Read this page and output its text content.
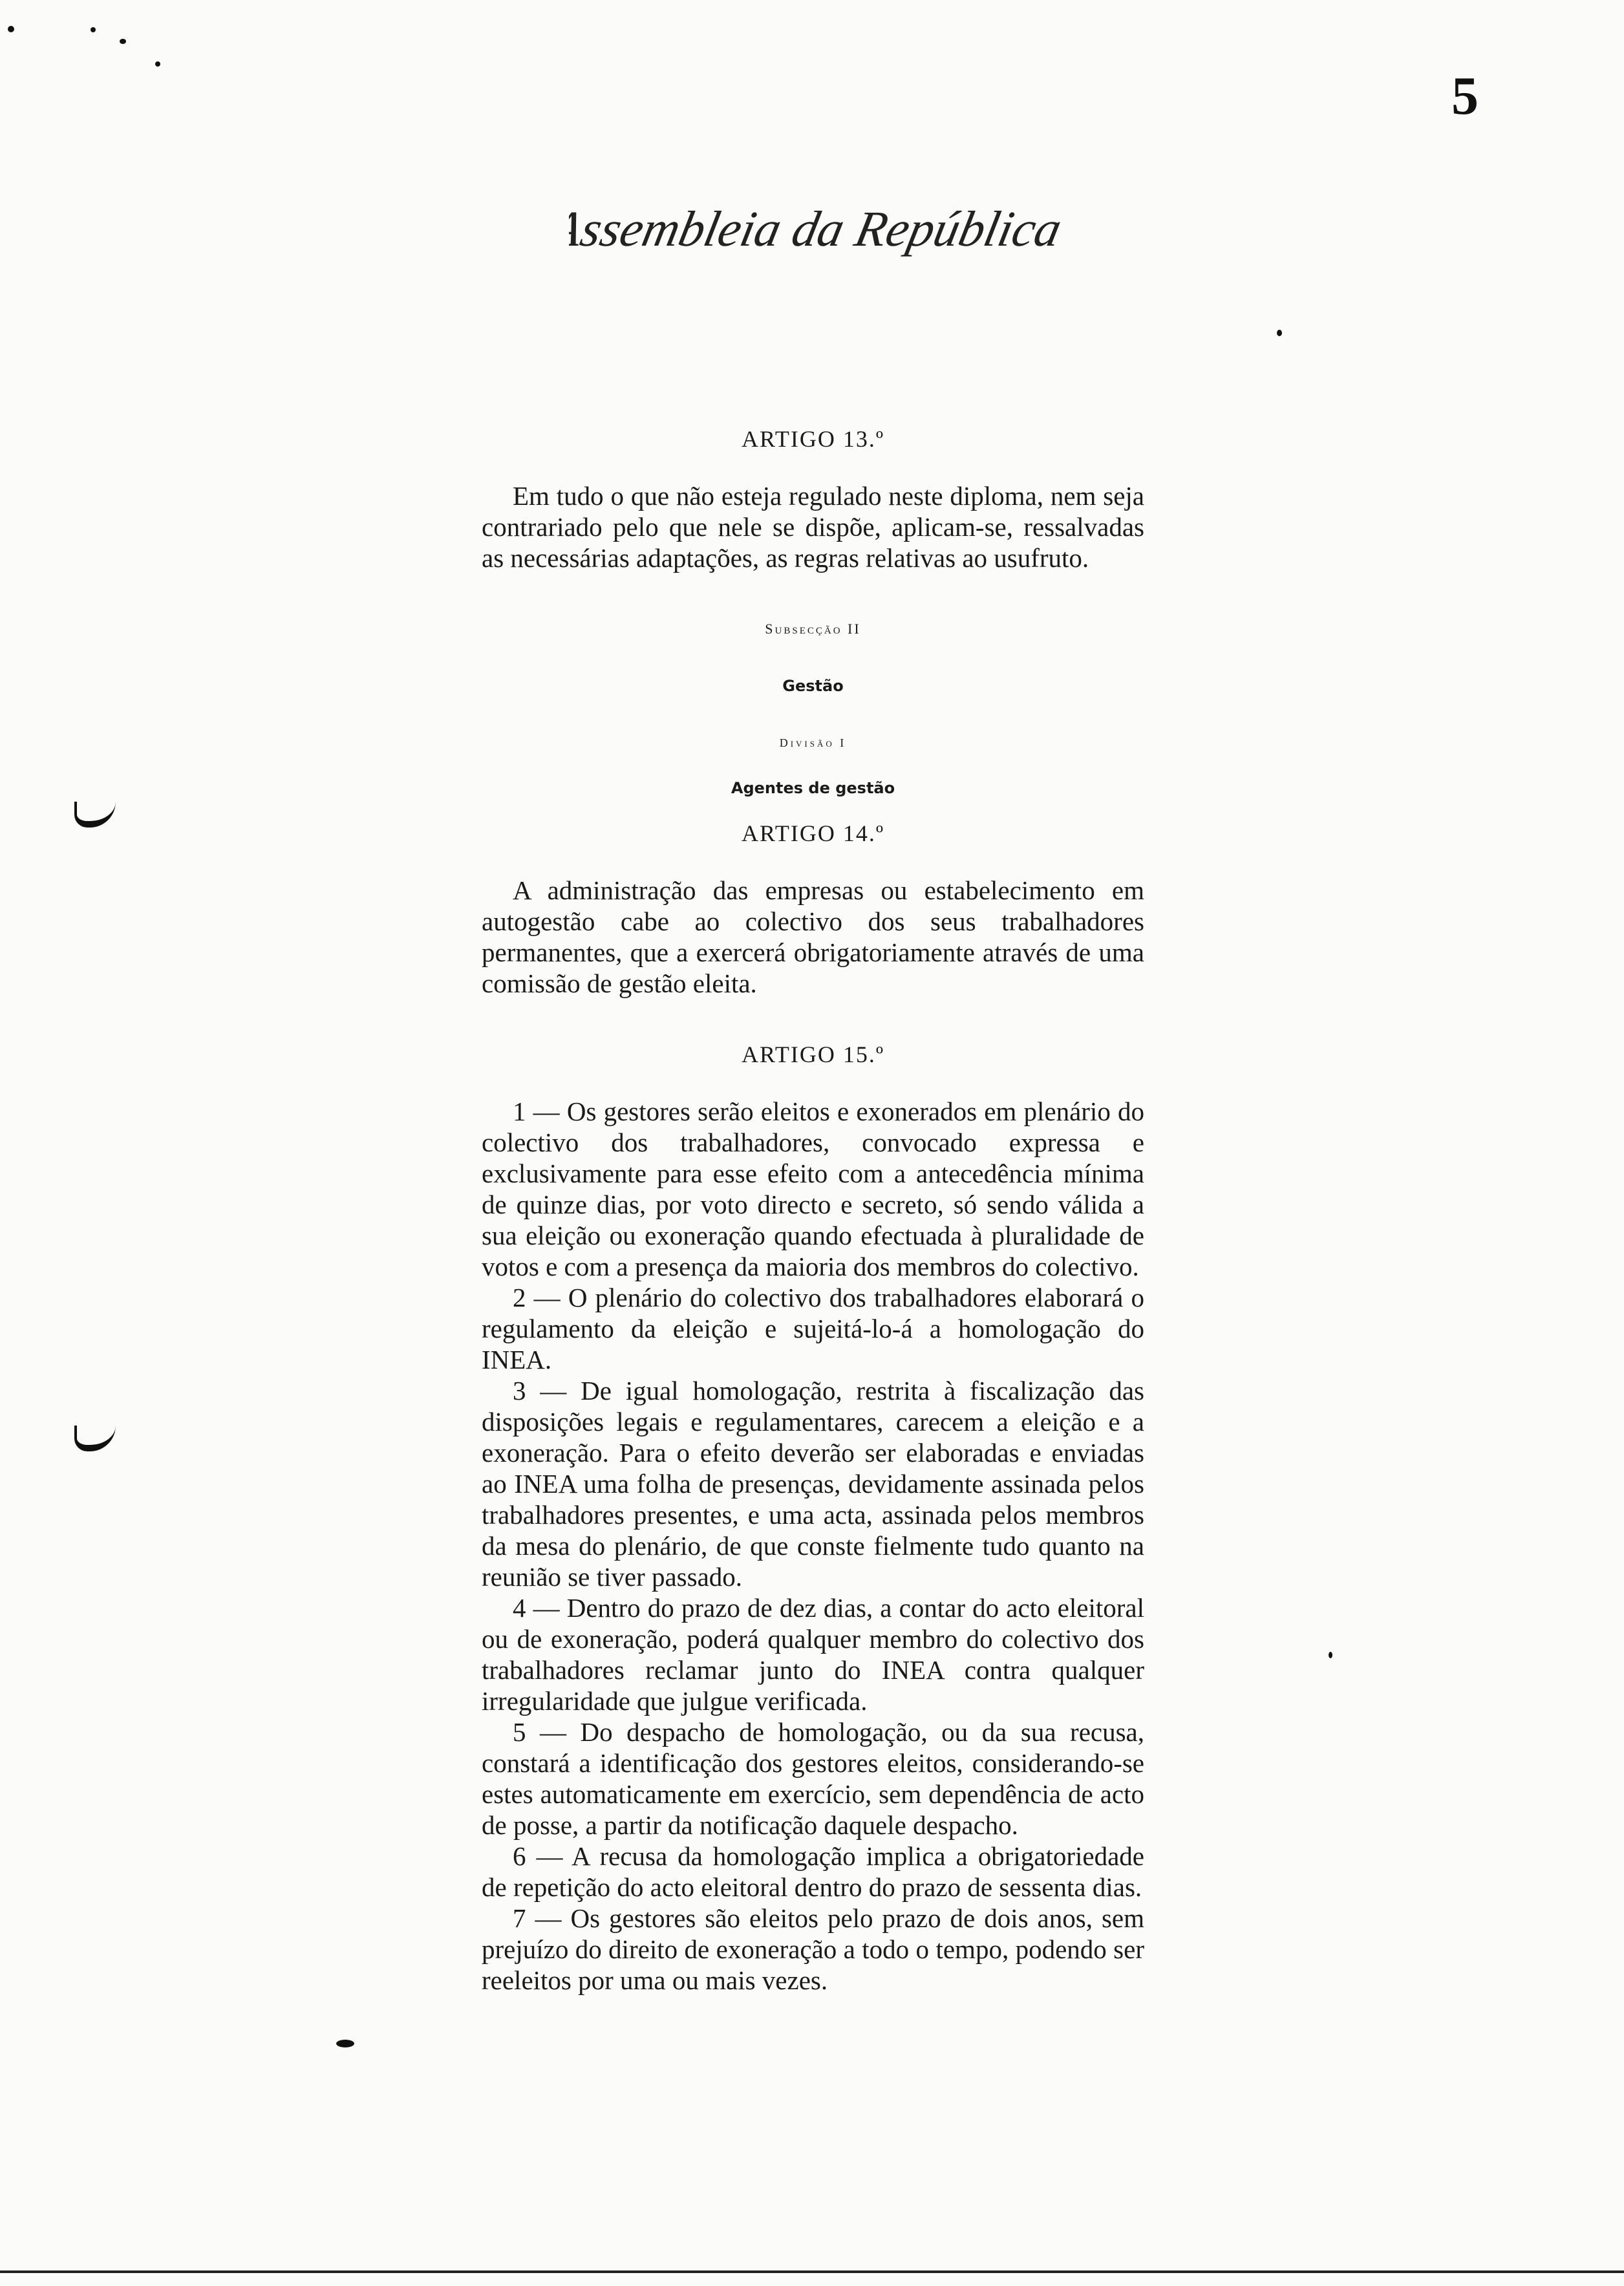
5
Assembleia da República

ARTIGO 13.º

Em tudo o que não esteja regulado neste diploma, nem seja contrariado pelo que nele se dispõe, aplicam-se, ressalvadas as necessárias adaptações, as regras relativas ao usufruto.

Subsecção II

Gestão

Divisão I

Agentes de gestão

ARTIGO 14.º

A administração das empresas ou estabelecimento em autogestão cabe ao colectivo dos seus trabalhadores permanentes, que a exercerá obrigatoriamente através de uma comissão de gestão eleita.

ARTIGO 15.º

1 — Os gestores serão eleitos e exonerados em plenário do colectivo dos trabalhadores, convocado expressa e exclusivamente para esse efeito com a antecedência mínima de quinze dias, por voto directo e secreto, só sendo válida a sua eleição ou exoneração quando efectuada à pluralidade de votos e com a presença da maioria dos membros do colectivo.

2 — O plenário do colectivo dos trabalhadores elaborará o regulamento da eleição e sujeitá-lo-á a homologação do INEA.

3 — De igual homologação, restrita à fiscalização das disposições legais e regulamentares, carecem a eleição e a exoneração. Para o efeito deverão ser elaboradas e enviadas ao INEA uma folha de presenças, devidamente assinada pelos trabalhadores presentes, e uma acta, assinada pelos membros da mesa do plenário, de que conste fielmente tudo quanto na reunião se tiver passado.

4 — Dentro do prazo de dez dias, a contar do acto eleitoral ou de exoneração, poderá qualquer membro do colectivo dos trabalhadores reclamar junto do INEA contra qualquer irregularidade que julgue verificada.

5 — Do despacho de homologação, ou da sua recusa, constará a identificação dos gestores eleitos, considerando-se estes automaticamente em exercício, sem dependência de acto de posse, a partir da notificação daquele despacho.

6 — A recusa da homologação implica a obrigatoriedade de repetição do acto eleitoral dentro do prazo de sessenta dias.

7 — Os gestores são eleitos pelo prazo de dois anos, sem prejuízo do direito de exoneração a todo o tempo, podendo ser reeleitos por uma ou mais vezes.
